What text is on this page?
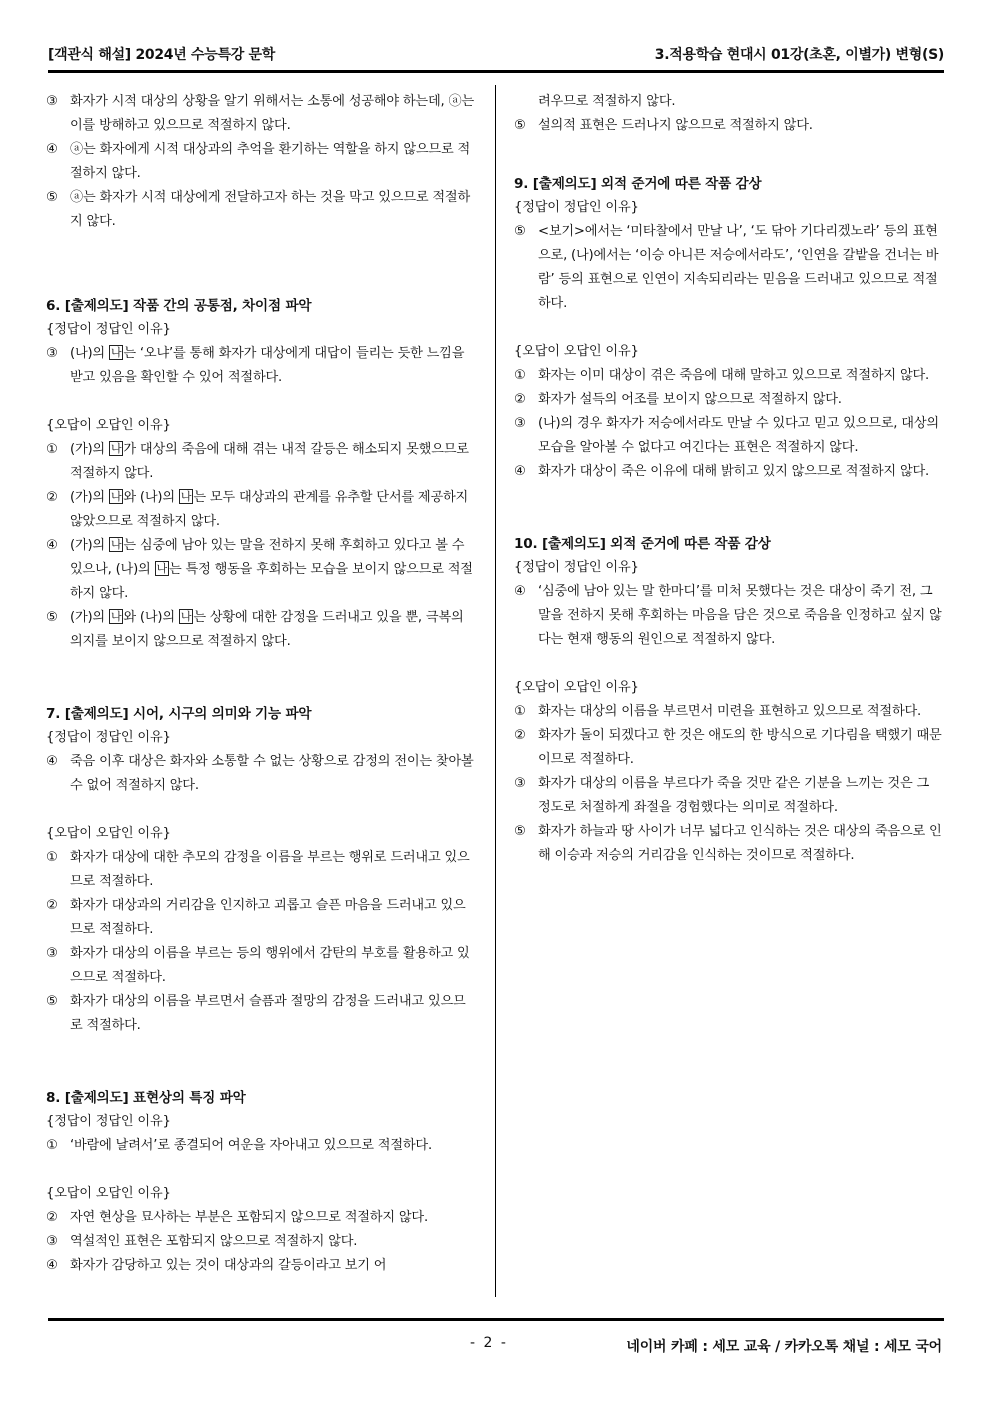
[객관식 해설] 2024년 수능특강 문학	3.적용학습 현대시 01강(초혼, 이별가) 변형(S)
③ 화자가 시적 대상의 상황을 알기 위해서는 소통에 성공해야 하는데, ⓐ는 이를 방해하고 있으므로 적절하지 않다.
④ ⓐ는 화자에게 시적 대상과의 추억을 환기하는 역할을 하지 않으므로 적절하지 않다.
⑤ ⓐ는 화자가 시적 대상에게 전달하고자 하는 것을 막고 있으므로 적절하지 않다.
6. [출제의도] 작품 간의 공통점, 차이점 파악
{정답이 정답인 이유}
③ (나)의 나 는 ‘오냐’를 통해 화자가 대상에게 대답이 들리는 듯한 느낌을 받고 있음을 확인할 수 있어 적절하다.
{오답이 오답인 이유}
① (가)의 나 가 대상의 죽음에 대해 겪는 내적 갈등은 해소되지 못했으므로 적절하지 않다.
② (가)의 나 와 (나)의 나 는 모두 대상과의 관계를 유추할 단서를 제공하지 않았으므로 적절하지 않다.
④ (가)의 나 는 심중에 남아 있는 말을 전하지 못해 후회하고 있다고 볼 수 있으나, (나)의 나 는 특정 행동을 후회하는 모습을 보이지 않으므로 적절하지 않다.
⑤ (가)의 나 와 (나)의 나 는 상황에 대한 감정을 드러내고 있을 뿐, 극복의 의지를 보이지 않으므로 적절하지 않다.
7. [출제의도] 시어, 시구의 의미와 기능 파악
{정답이 정답인 이유}
④ 죽음 이후 대상은 화자와 소통할 수 없는 상황으로 감정의 전이는 찾아볼 수 없어 적절하지 않다.
{오답이 오답인 이유}
① 화자가 대상에 대한 추모의 감정을 이름을 부르는 행위로 드러내고 있으므로 적절하다.
② 화자가 대상과의 거리감을 인지하고 괴롭고 슬픈 마음을 드러내고 있으므로 적절하다.
③ 화자가 대상의 이름을 부르는 등의 행위에서 감탄의 부호를 활용하고 있으므로 적절하다.
⑤ 화자가 대상의 이름을 부르면서 슬픔과 절망의 감정을 드러내고 있으므로 적절하다.
8. [출제의도] 표현상의 특징 파악
{정답이 정답인 이유}
① ‘바람에 날려서’로 종결되어 여운을 자아내고 있으므로 적절하다.
{오답이 오답인 이유}
② 자연 현상을 묘사하는 부분은 포함되지 않으므로 적절하지 않다.
③ 역설적인 표현은 포함되지 않으므로 적절하지 않다.
④ 화자가 감당하고 있는 것이 대상과의 갈등이라고 보기 어
려우므로 적절하지 않다.
⑤ 설의적 표현은 드러나지 않으므로 적절하지 않다.
9. [출제의도] 외적 준거에 따른 작품 감상
{정답이 정답인 이유}
⑤ <보기>에서는 ‘미타찰에서 만날 나’, ‘도 닦아 기다리겠노라’ 등의 표현으로, (나)에서는 ‘이승 아니믄 저승에서라도’, ‘인연을 갈밭을 건너는 바람’ 등의 표현으로 인연이 지속되리라는 믿음을 드러내고 있으므로 적절하다.
{오답이 오답인 이유}
① 화자는 이미 대상이 겪은 죽음에 대해 말하고 있으므로 적절하지 않다.
② 화자가 설득의 어조를 보이지 않으므로 적절하지 않다.
③ (나)의 경우 화자가 저승에서라도 만날 수 있다고 믿고 있으므로, 대상의 모습을 알아볼 수 없다고 여긴다는 표현은 적절하지 않다.
④ 화자가 대상이 죽은 이유에 대해 밝히고 있지 않으므로 적절하지 않다.
10. [출제의도] 외적 준거에 따른 작품 감상
{정답이 정답인 이유}
④ ‘심중에 남아 있는 말 한마디’를 미처 못했다는 것은 대상이 죽기 전, 그 말을 전하지 못해 후회하는 마음을 담은 것으로 죽음을 인정하고 싶지 않다는 현재 행동의 원인으로 적절하지 않다.
{오답이 오답인 이유}
① 화자는 대상의 이름을 부르면서 미련을 표현하고 있으므로 적절하다.
② 화자가 돌이 되겠다고 한 것은 애도의 한 방식으로 기다림을 택했기 때문이므로 적절하다.
③ 화자가 대상의 이름을 부르다가 죽을 것만 같은 기분을 느끼는 것은 그 정도로 처절하게 좌절을 경험했다는 의미로 적절하다.
⑤ 화자가 하늘과 땅 사이가 너무 넓다고 인식하는 것은 대상의 죽음으로 인해 이승과 저승의 거리감을 인식하는 것이므로 적절하다.
- 2 -	네이버 카페 : 세모 교육 / 카카오톡 채널 : 세모 국어
